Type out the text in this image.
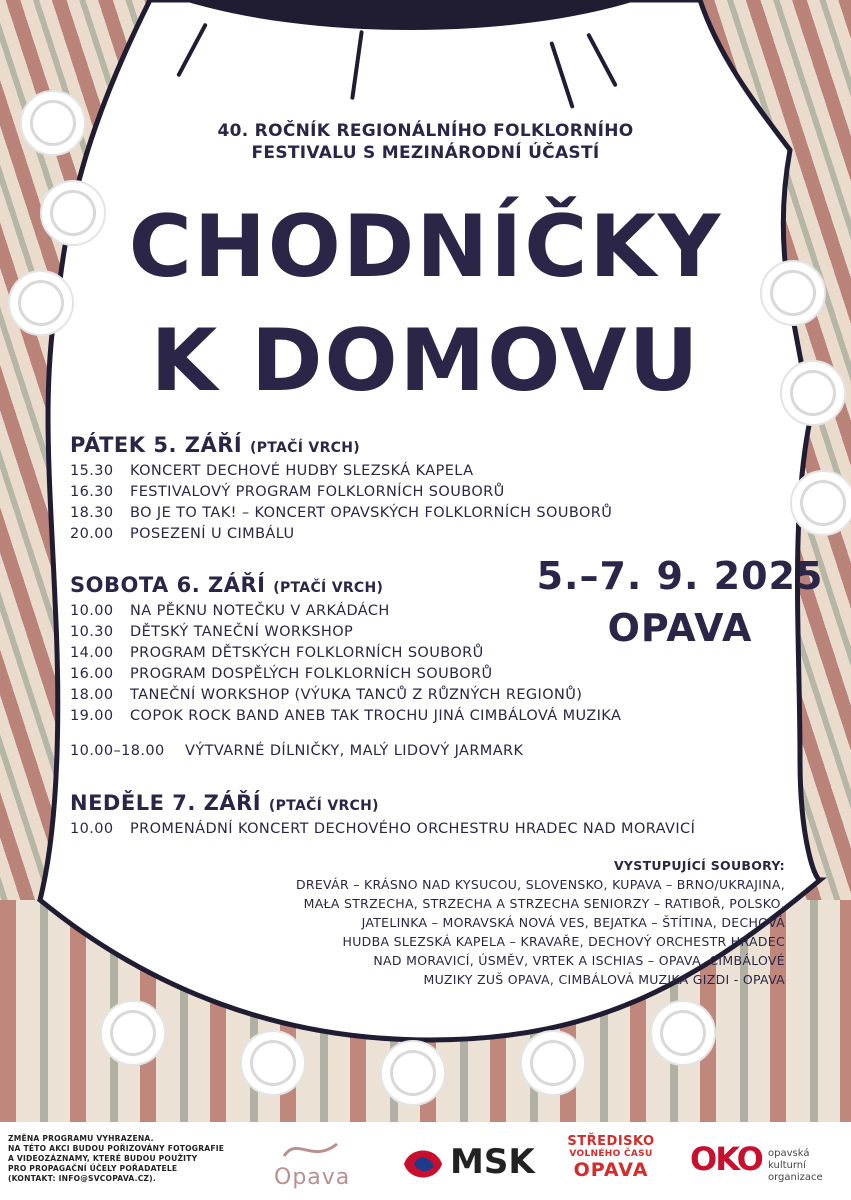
40. ROČNÍK REGIONÁLNÍHO FOLKLORNÍHO
FESTIVALU S MEZINÁRODNÍ ÚČASTÍ
CHODNÍČKY
K DOMOVU
PÁTEK 5. ZÁŘÍ (PTAČÍ VRCH)
15.30 KONCERT DECHOVÉ HUDBY SLEZSKÁ KAPELA
16.30 FESTIVALOVÝ PROGRAM FOLKLORNÍCH SOUBORŮ
18.30 BO JE TO TAK! – KONCERT OPAVSKÝCH FOLKLORNÍCH SOUBORŮ
20.00 POSEZENÍ U CIMBÁLU
SOBOTA 6. ZÁŘÍ (PTAČÍ VRCH)
10.00 NA PĚKNU NOTEČKU V ARKÁDÁCH
10.30 DĚTSKÝ TANEČNÍ WORKSHOP
14.00 PROGRAM DĚTSKÝCH FOLKLORNÍCH SOUBORŮ
16.00 PROGRAM DOSPĚLÝCH FOLKLORNÍCH SOUBORŮ
18.00 TANEČNÍ WORKSHOP (VÝUKA TANCŮ Z RŮZNÝCH REGIONŮ)
19.00 COPOK ROCK BAND ANEB TAK TROCHU JINÁ CIMBÁLOVÁ MUZIKA
10.00–18.00 VÝTVARNÉ DÍLNIČKY, MALÝ LIDOVÝ JARMARK
NEDĚLE 7. ZÁŘÍ (PTAČÍ VRCH)
10.00 PROMENÁDNÍ KONCERT DECHOVÉHO ORCHESTRU HRADEC NAD MORAVICÍ
5.–7. 9. 2025
OPAVA
VYSTUPUJÍCÍ SOUBORY:
DREVÁR – KRÁSNO NAD KYSUCOU, SLOVENSKO, KUPAVA – BRNO/UKRAJINA,
MAŁA STRZECHA, STRZECHA A STRZECHA SENIORZY – RATIBOŘ, POLSKO,
JATELINKA – MORAVSKÁ NOVÁ VES, BEJATKA – ŠTÍTINA, DECHOVÁ
HUDBA SLEZSKÁ KAPELA – KRAVAŘE, DECHOVÝ ORCHESTR HRADEC
NAD MORAVICÍ, ÚSMĚV, VRTEK A ISCHIAS – OPAVA, CIMBÁLOVÉ
MUZIKY ZUŠ OPAVA, CIMBÁLOVÁ MUZIKA GIZDI - OPAVA
ZMĚNA PROGRAMU VYHRAZENA.
NA TÉTO AKCI BUDOU POŘIZOVÁNY FOTOGRAFIE
A VIDEOZÁZNAMY, KTERÉ BUDOU POUŽITY
PRO PROPAGAČNÍ ÚČELY POŘADATELE
(KONTAKT: INFO@SVCOPAVA.CZ).	Opava	MSK
STŘEDISKO
VOLNÉHO ČASU
OPAVA	OKO opavská
kulturní
organizace
